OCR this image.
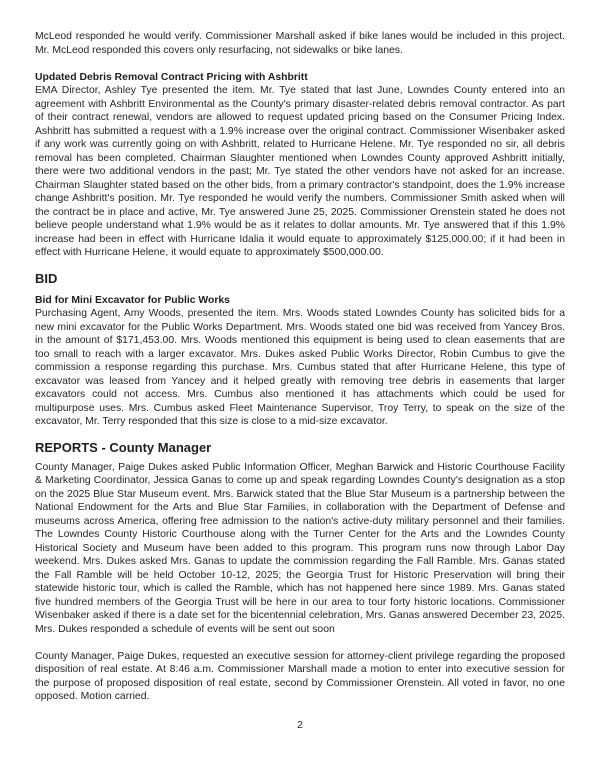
McLeod responded he would verify. Commissioner Marshall asked if bike lanes would be included in this project. Mr. McLeod responded this covers only resurfacing, not sidewalks or bike lanes.

Updated Debris Removal Contract Pricing with Ashbritt

EMA Director, Ashley Tye presented the item. Mr. Tye stated that last June, Lowndes County entered into an agreement with Ashbritt Environmental as the County's primary disaster-related debris removal contractor. As part of their contract renewal, vendors are allowed to request updated pricing based on the Consumer Pricing Index. Ashbritt has submitted a request with a 1.9% increase over the original contract. Commissioner Wisenbaker asked if any work was currently going on with Ashbritt, related to Hurricane Helene. Mr. Tye responded no sir, all debris removal has been completed. Chairman Slaughter mentioned when Lowndes County approved Ashbritt initially, there were two additional vendors in the past; Mr. Tye stated the other vendors have not asked for an increase. Chairman Slaughter stated based on the other bids, from a primary contractor's standpoint, does the 1.9% increase change Ashbritt's position. Mr. Tye responded he would verify the numbers. Commissioner Smith asked when will the contract be in place and active, Mr. Tye answered June 25, 2025. Commissioner Orenstein stated he does not believe people understand what 1.9% would be as it relates to dollar amounts. Mr. Tye answered that if this 1.9% increase had been in effect with Hurricane Idalia it would equate to approximately $125,000.00; if it had been in effect with Hurricane Helene, it would equate to approximately $500,000.00.

BID

Bid for Mini Excavator for Public Works

Purchasing Agent, Amy Woods, presented the item. Mrs. Woods stated Lowndes County has solicited bids for a new mini excavator for the Public Works Department. Mrs. Woods stated one bid was received from Yancey Bros. in the amount of $171,453.00. Mrs. Woods mentioned this equipment is being used to clean easements that are too small to reach with a larger excavator. Mrs. Dukes asked Public Works Director, Robin Cumbus to give the commission a response regarding this purchase. Mrs. Cumbus stated that after Hurricane Helene, this type of excavator was leased from Yancey and it helped greatly with removing tree debris in easements that larger excavators could not access. Mrs. Cumbus also mentioned it has attachments which could be used for multipurpose uses. Mrs. Cumbus asked Fleet Maintenance Supervisor, Troy Terry, to speak on the size of the excavator, Mr. Terry responded that this size is close to a mid-size excavator.

REPORTS - County Manager

County Manager, Paige Dukes asked Public Information Officer, Meghan Barwick and Historic Courthouse Facility & Marketing Coordinator, Jessica Ganas to come up and speak regarding Lowndes County's designation as a stop on the 2025 Blue Star Museum event. Mrs. Barwick stated that the Blue Star Museum is a partnership between the National Endowment for the Arts and Blue Star Families, in collaboration with the Department of Defense and museums across America, offering free admission to the nation's active-duty military personnel and their families. The Lowndes County Historic Courthouse along with the Turner Center for the Arts and the Lowndes County Historical Society and Museum have been added to this program. This program runs now through Labor Day weekend. Mrs. Dukes asked Mrs. Ganas to update the commission regarding the Fall Ramble. Mrs. Ganas stated the Fall Ramble will be held October 10-12, 2025; the Georgia Trust for Historic Preservation will bring their statewide historic tour, which is called the Ramble, which has not happened here since 1989. Mrs. Ganas stated five hundred members of the Georgia Trust will be here in our area to tour forty historic locations. Commissioner Wisenbaker asked if there is a date set for the bicentennial celebration, Mrs. Ganas answered December 23, 2025. Mrs. Dukes responded a schedule of events will be sent out soon

County Manager, Paige Dukes, requested an executive session for attorney-client privilege regarding the proposed disposition of real estate. At 8:46 a.m. Commissioner Marshall made a motion to enter into executive session for the purpose of proposed disposition of real estate, second by Commissioner Orenstein. All voted in favor, no one opposed. Motion carried.

2
